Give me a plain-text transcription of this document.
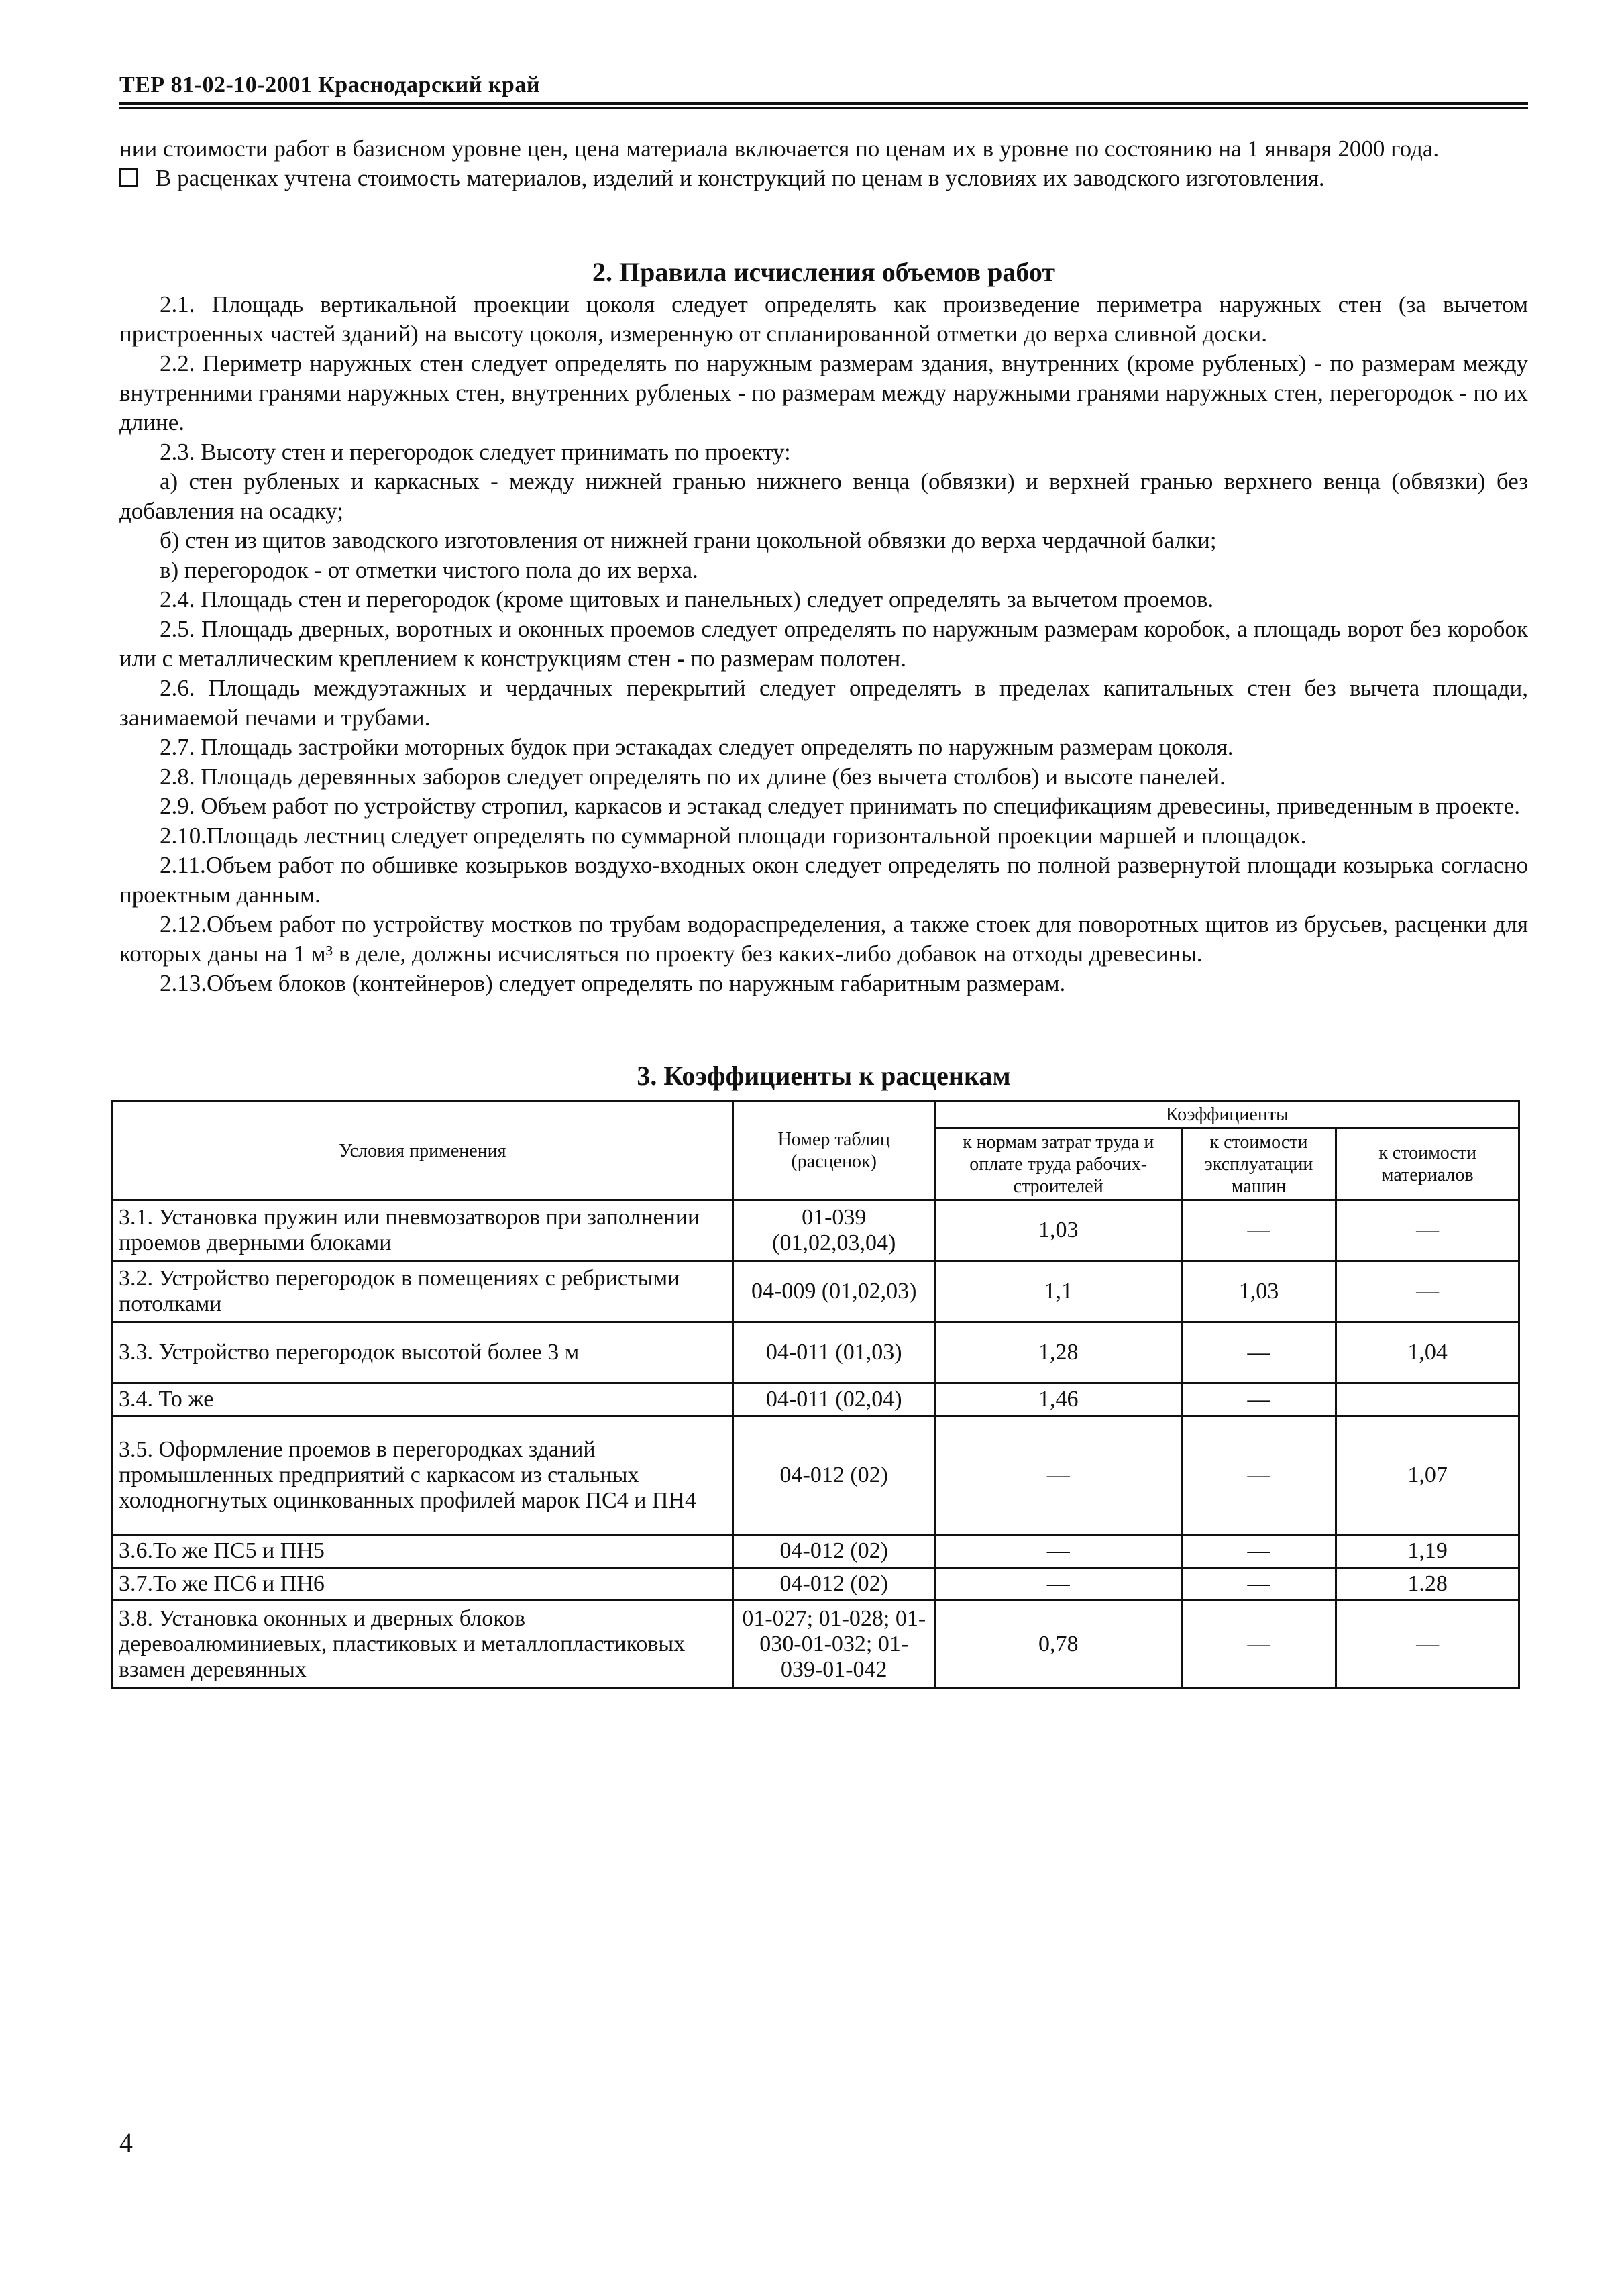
ТЕР 81-02-10-2001 Краснодарский край

нии стоимости работ в базисном уровне цен, цена материала включается по ценам их в уровне по состоянию на 1 января 2000 года.

В расценках учтена стоимость материалов, изделий и конструкций по ценам в условиях их заводского изготовления.

2. Правила исчисления объемов работ

2.1. Площадь вертикальной проекции цоколя следует определять как произведение периметра наружных стен (за вычетом пристроенных частей зданий) на высоту цоколя, измеренную от спланированной отметки до верха сливной доски.

2.2. Периметр наружных стен следует определять по наружным размерам здания, внутренних (кроме рубленых) - по размерам между внутренними гранями наружных стен, внутренних рубленых - по размерам между наружными гранями наружных стен, перегородок - по их длине.

2.3. Высоту стен и перегородок следует принимать по проекту:

а) стен рубленых и каркасных - между нижней гранью нижнего венца (обвязки) и верхней гранью верхнего венца (обвязки) без добавления на осадку;

б) стен из щитов заводского изготовления от нижней грани цокольной обвязки до верха чердачной балки;

в) перегородок - от отметки чистого пола до их верха.

2.4. Площадь стен и перегородок (кроме щитовых и панельных) следует определять за вычетом проемов.

2.5. Площадь дверных, воротных и оконных проемов следует определять по наружным размерам коробок, а площадь ворот без коробок или с металлическим креплением к конструкциям стен - по размерам полотен.

2.6. Площадь междуэтажных и чердачных перекрытий следует определять в пределах капитальных стен без вычета площади, занимаемой печами и трубами.

2.7. Площадь застройки моторных будок при эстакадах следует определять по наружным размерам цоколя.

2.8. Площадь деревянных заборов следует определять по их длине (без вычета столбов) и высоте панелей.

2.9. Объем работ по устройству стропил, каркасов и эстакад следует принимать по спецификациям древесины, приведенным в проекте.

2.10.Площадь лестниц следует определять по суммарной площади горизонтальной проекции маршей и площадок.

2.11.Объем работ по обшивке козырьков воздухо-входных окон следует определять по полной развернутой площади козырька согласно проектным данным.

2.12.Объем работ по устройству мостков по трубам водораспределения, а также стоек для поворотных щитов из брусьев, расценки для которых даны на 1 м³ в деле, должны исчисляться по проекту без каких-либо добавок на отходы древесины.

2.13.Объем блоков (контейнеров) следует определять по наружным габаритным размерам.

3. Коэффициенты к расценкам
Условия применения	Номер таблиц (расценок)	Коэффициенты		
		к нормам затрат труда и оплате труда рабочих-строителей	к стоимости эксплуатации машин	к стоимости материалов
3.1. Установка пружин или пневмозатворов при заполнении проемов дверными блоками	01-039 (01,02,03,04)	1,03	—	—
3.2. Устройство перегородок в помещениях с ребристыми потолками	04-009 (01,02,03)	1,1	1,03	—
3.3. Устройство перегородок высотой более 3 м	04-011 (01,03)	1,28	—	1,04
3.4. То же	04-011 (02,04)	1,46	—	
3.5. Оформление проемов в перегородках зданий промышленных предприятий с каркасом из стальных холодногнутых оцинкованных профилей марок ПС4 и ПН4	04-012 (02)	—	—	1,07
3.6.То же ПС5 и ПН5	04-012 (02)	—	—	1,19
3.7.То же ПС6 и ПН6	04-012 (02)	—	—	1.28
3.8. Установка оконных и дверных блоков деревоалюминиевых, пластиковых и металлопластиковых взамен деревянных	01-027; 01-028; 01-030-01-032; 01-039-01-042	0,78	—	—
4
